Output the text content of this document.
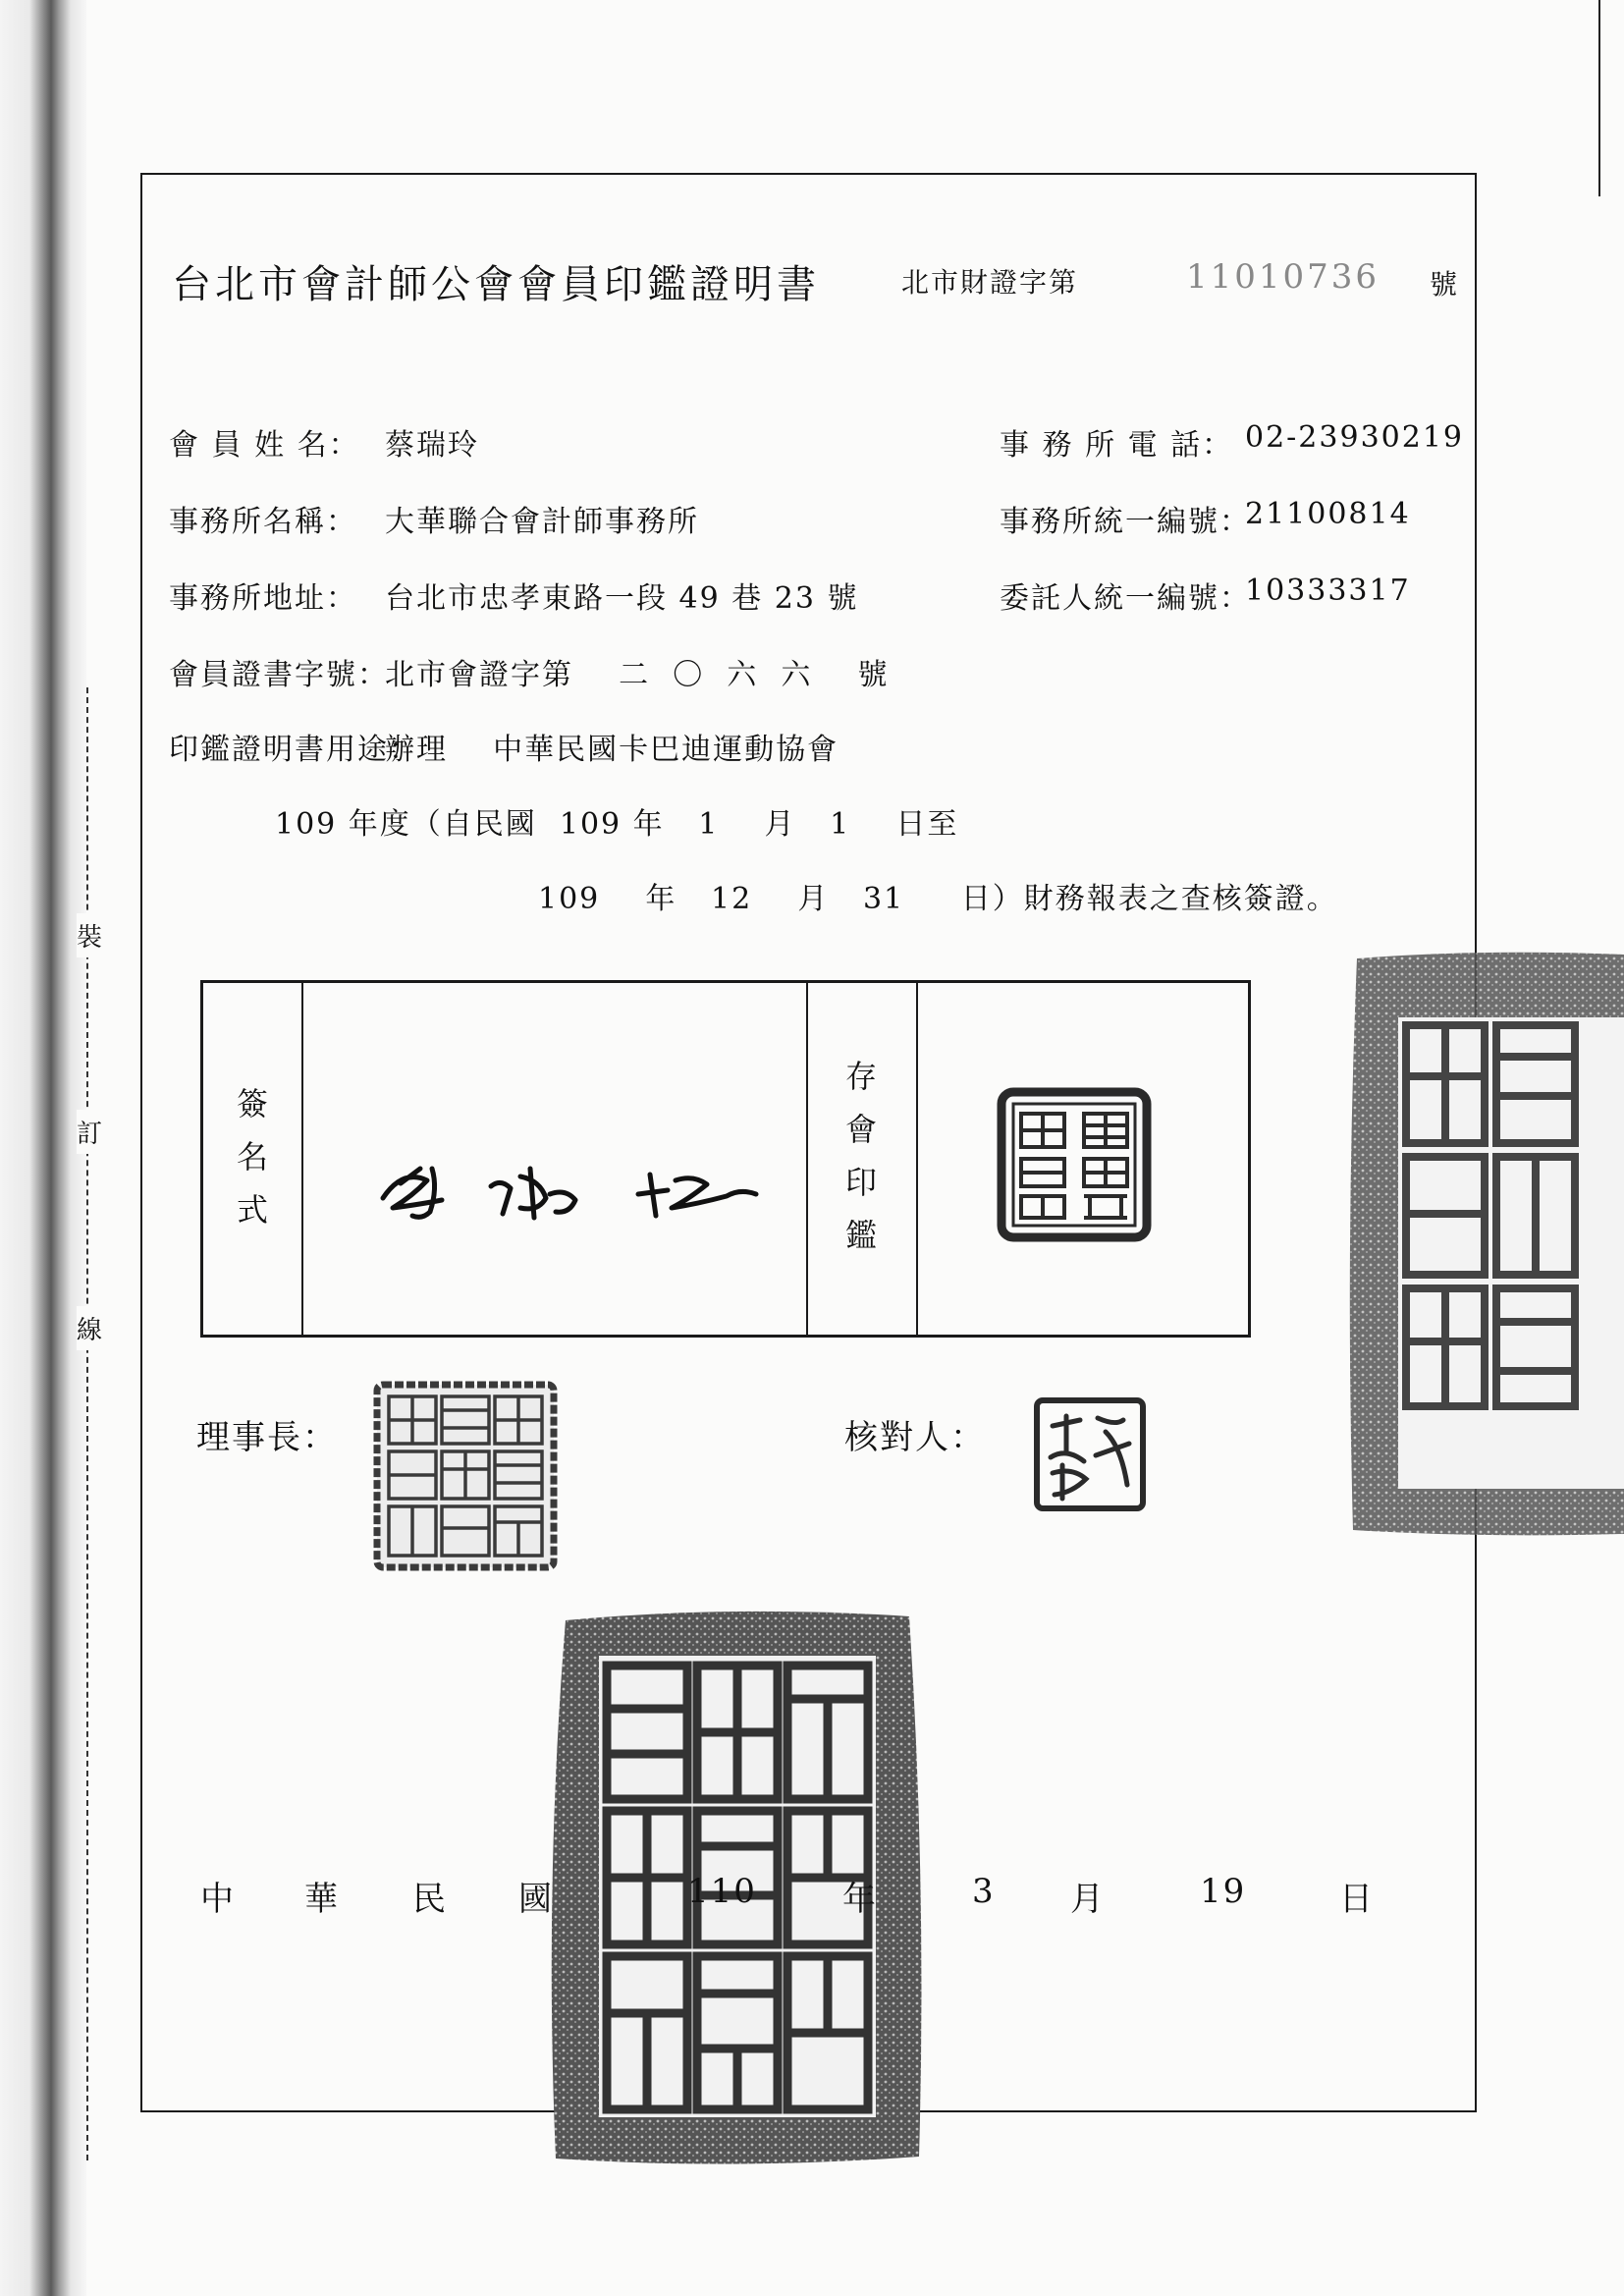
裝
訂
線
台北市會計師公會會員印鑑證明書	北市財證字第	11010736 號
會 員 姓 名： 蔡瑞玲
事務所名稱： 大華聯合會計師事務所
事務所地址： 台北市忠孝東路一段 49 巷 23 號
會員證書字號：
北市會證字第    二  〇  六  六    號
事 務 所 電 話： 02-23930219
事務所統一編號：
21100814
委託人統一編號：
10333317
印鑑證明書用途：
辦理    中華民國卡巴迪運動協會
109 年度（自民國  109 年   1    月   1    日至
109    年   12    月   31     日）財務報表之查核簽證。
簽
名
式
存
會
印
鑑
理事長：	核對人：
中 華 民 國	110	年	3 月	19	日
